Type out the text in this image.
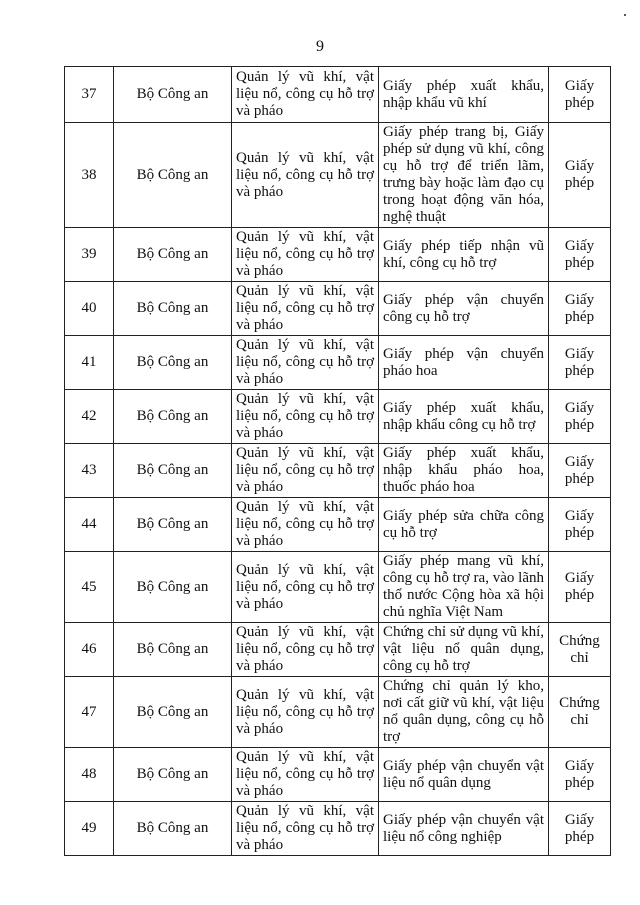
9
37	Bộ Công an	Quản lý vũ khí, vật liệu nổ, công cụ hỗ trợ và pháo	Giấy phép xuất khẩu, nhập khẩu vũ khí	Giấy phép
38	Bộ Công an	Quản lý vũ khí, vật liệu nổ, công cụ hỗ trợ và pháo	Giấy phép trang bị, Giấy phép sử dụng vũ khí, công cụ hỗ trợ để triển lãm, trưng bày hoặc làm đạo cụ trong hoạt động văn hóa, nghệ thuật	Giấy phép
39	Bộ Công an	Quản lý vũ khí, vật liệu nổ, công cụ hỗ trợ và pháo	Giấy phép tiếp nhận vũ khí, công cụ hỗ trợ	Giấy phép
40	Bộ Công an	Quản lý vũ khí, vật liệu nổ, công cụ hỗ trợ và pháo	Giấy phép vận chuyển công cụ hỗ trợ	Giấy phép
41	Bộ Công an	Quản lý vũ khí, vật liệu nổ, công cụ hỗ trợ và pháo	Giấy phép vận chuyển pháo hoa	Giấy phép
42	Bộ Công an	Quản lý vũ khí, vật liệu nổ, công cụ hỗ trợ và pháo	Giấy phép xuất khẩu, nhập khẩu công cụ hỗ trợ	Giấy phép
43	Bộ Công an	Quản lý vũ khí, vật liệu nổ, công cụ hỗ trợ và pháo	Giấy phép xuất khẩu, nhập khẩu pháo hoa, thuốc pháo hoa	Giấy phép
44	Bộ Công an	Quản lý vũ khí, vật liệu nổ, công cụ hỗ trợ và pháo	Giấy phép sửa chữa công cụ hỗ trợ	Giấy phép
45	Bộ Công an	Quản lý vũ khí, vật liệu nổ, công cụ hỗ trợ và pháo	Giấy phép mang vũ khí, công cụ hỗ trợ ra, vào lãnh thổ nước Cộng hòa xã hội chủ nghĩa Việt Nam	Giấy phép
46	Bộ Công an	Quản lý vũ khí, vật liệu nổ, công cụ hỗ trợ và pháo	Chứng chỉ sử dụng vũ khí, vật liệu nổ quân dụng, công cụ hỗ trợ	Chứng chỉ
47	Bộ Công an	Quản lý vũ khí, vật liệu nổ, công cụ hỗ trợ và pháo	Chứng chỉ quản lý kho, nơi cất giữ vũ khí, vật liệu nổ quân dụng, công cụ hỗ trợ	Chứng chỉ
48	Bộ Công an	Quản lý vũ khí, vật liệu nổ, công cụ hỗ trợ và pháo	Giấy phép vận chuyển vật liệu nổ quân dụng	Giấy phép
49	Bộ Công an	Quản lý vũ khí, vật liệu nổ, công cụ hỗ trợ và pháo	Giấy phép vận chuyển vật liệu nổ công nghiệp	Giấy phép
